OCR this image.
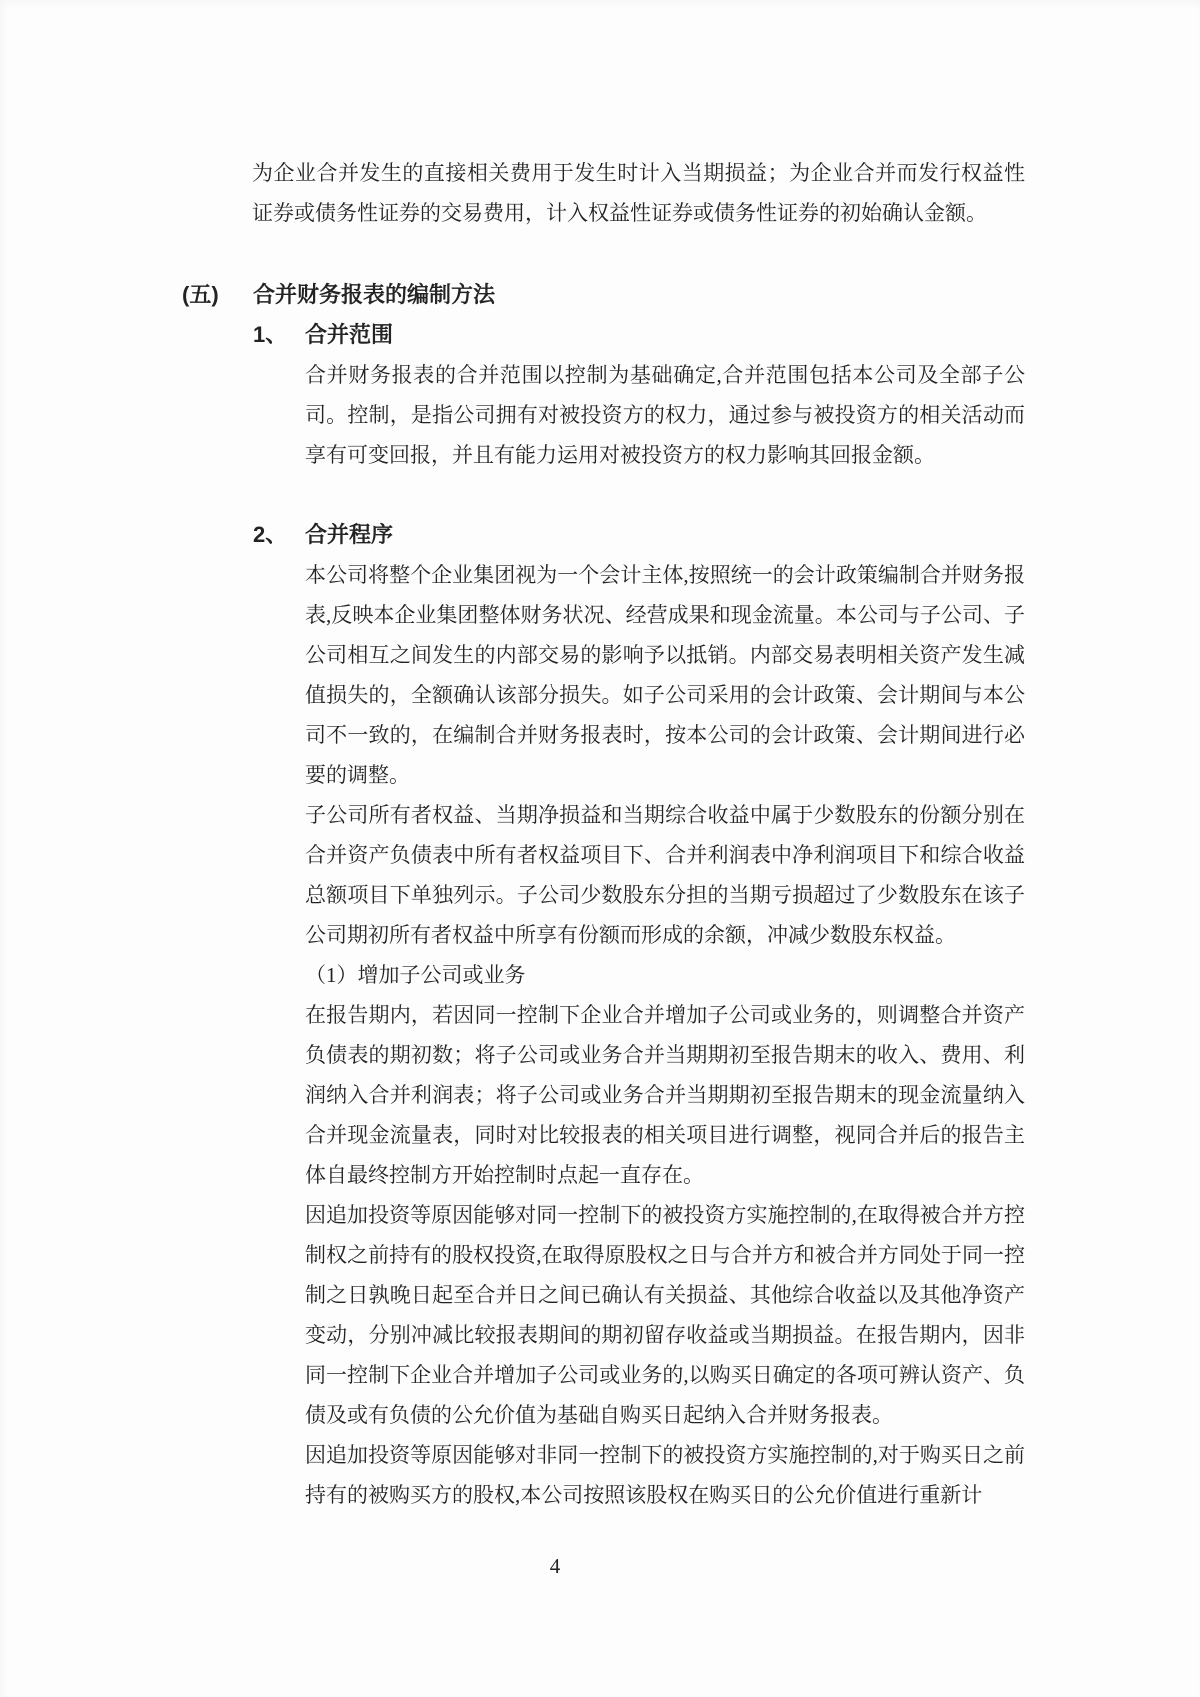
为企业合并发生的直接相关费用于发生时计入当期损益；为企业合并而发行权益性证券或债务性证券的交易费用，计入权益性证券或债务性证券的初始确认金额。

(五) 合并财务报表的编制方法
1、 合并范围

合并财务报表的合并范围以控制为基础确定,合并范围包括本公司及全部子公司。控制，是指公司拥有对被投资方的权力，通过参与被投资方的相关活动而享有可变回报，并且有能力运用对被投资方的权力影响其回报金额。

2、 合并程序

本公司将整个企业集团视为一个会计主体,按照统一的会计政策编制合并财务报表,反映本企业集团整体财务状况、经营成果和现金流量。本公司与子公司、子公司相互之间发生的内部交易的影响予以抵销。内部交易表明相关资产发生减值损失的，全额确认该部分损失。如子公司采用的会计政策、会计期间与本公司不一致的，在编制合并财务报表时，按本公司的会计政策、会计期间进行必要的调整。

子公司所有者权益、当期净损益和当期综合收益中属于少数股东的份额分别在合并资产负债表中所有者权益项目下、合并利润表中净利润项目下和综合收益总额项目下单独列示。子公司少数股东分担的当期亏损超过了少数股东在该子公司期初所有者权益中所享有份额而形成的余额，冲减少数股东权益。

（1）增加子公司或业务

在报告期内，若因同一控制下企业合并增加子公司或业务的，则调整合并资产负债表的期初数；将子公司或业务合并当期期初至报告期末的收入、费用、利润纳入合并利润表；将子公司或业务合并当期期初至报告期末的现金流量纳入合并现金流量表，同时对比较报表的相关项目进行调整，视同合并后的报告主体自最终控制方开始控制时点起一直存在。

因追加投资等原因能够对同一控制下的被投资方实施控制的,在取得被合并方控制权之前持有的股权投资,在取得原股权之日与合并方和被合并方同处于同一控制之日孰晚日起至合并日之间已确认有关损益、其他综合收益以及其他净资产变动，分别冲减比较报表期间的期初留存收益或当期损益。在报告期内，因非同一控制下企业合并增加子公司或业务的,以购买日确定的各项可辨认资产、负债及或有负债的公允价值为基础自购买日起纳入合并财务报表。

因追加投资等原因能够对非同一控制下的被投资方实施控制的,对于购买日之前持有的被购买方的股权,本公司按照该股权在购买日的公允价值进行重新计

4
